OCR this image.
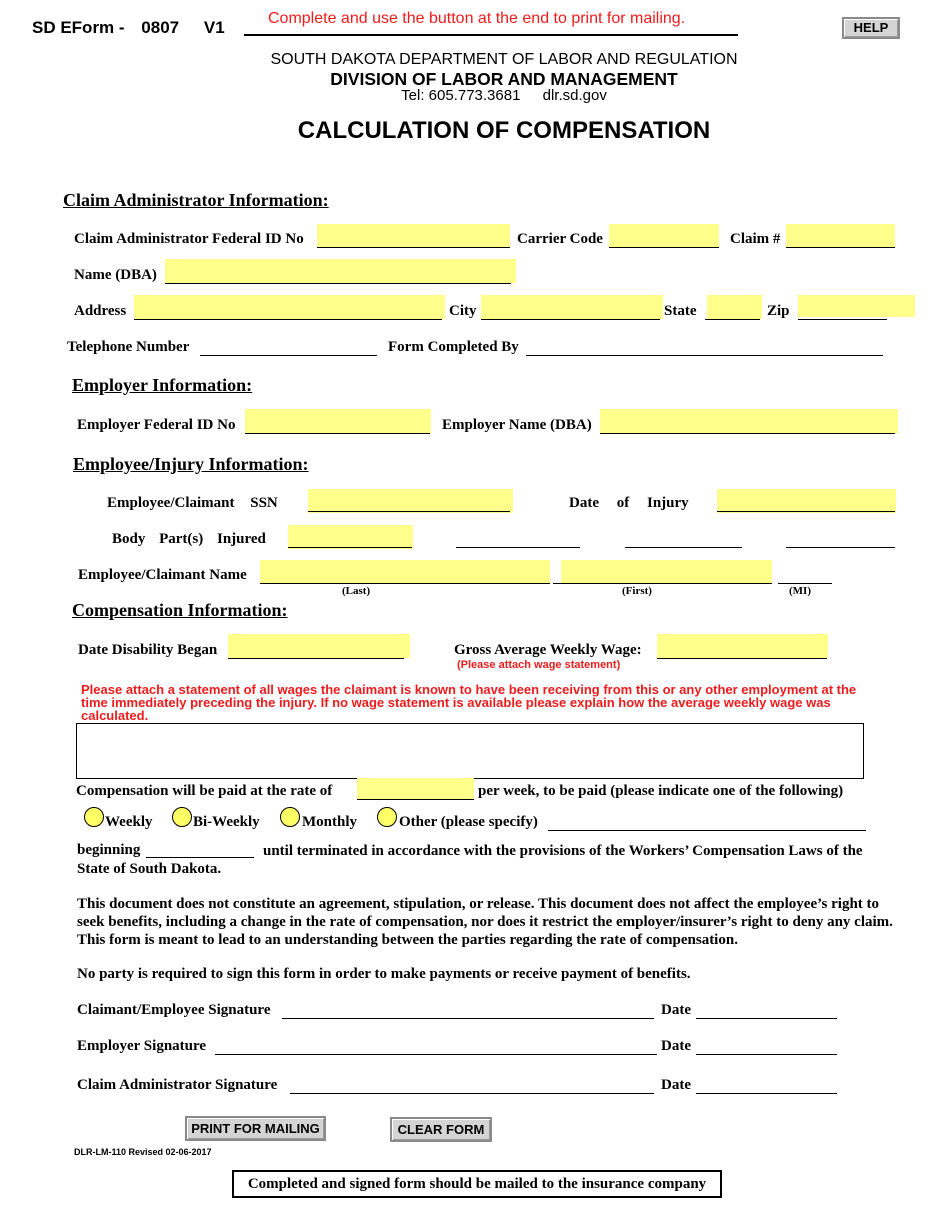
SD EForm - 0807 V1	Complete and use the button at the end to print for mailing.
HELP
SOUTH DAKOTA DEPARTMENT OF LABOR AND REGULATION
DIVISION OF LABOR AND MANAGEMENT
Tel: 605.773.3681 dlr.sd.gov
CALCULATION OF COMPENSATION
Claim Administrator Information:
Claim Administrator Federal ID No	Carrier Code	Claim #
Name (DBA)
Address	City	State	Zip
Telephone Number	Form Completed By
Employer Information:
Employer Federal ID No	Employer Name (DBA)
Employee/Injury Information:
Employee/Claimant SSN	Date of Injury
Body Part(s) Injured
Employee/Claimant Name
(Last)	(First)	(MI)
Compensation Information:
Date Disability Began	Gross Average Weekly Wage:
(Please attach wage statement)
Please attach a statement of all wages the claimant is known to have been receiving from this or any other employment at the time immediately preceding the injury. If no wage statement is available please explain how the average weekly wage was calculated.
Compensation will be paid at the rate of	per week, to be paid (please indicate one of the following)
Weekly	Bi-Weekly	Monthly	Other (please specify)
beginning	until terminated in accordance with the provisions of the Workers’ Compensation Laws of the State of South Dakota.
This document does not constitute an agreement, stipulation, or release. This document does not affect the employee’s right to seek benefits, including a change in the rate of compensation, nor does it restrict the employer/insurer’s right to deny any claim. This form is meant to lead to an understanding between the parties regarding the rate of compensation.
No party is required to sign this form in order to make payments or receive payment of benefits.
Claimant/Employee Signature	Date
Employer Signature	Date
Claim Administrator Signature	Date
PRINT FOR MAILING	CLEAR FORM
DLR-LM-110 Revised 02-06-2017
Completed and signed form should be mailed to the insurance company
